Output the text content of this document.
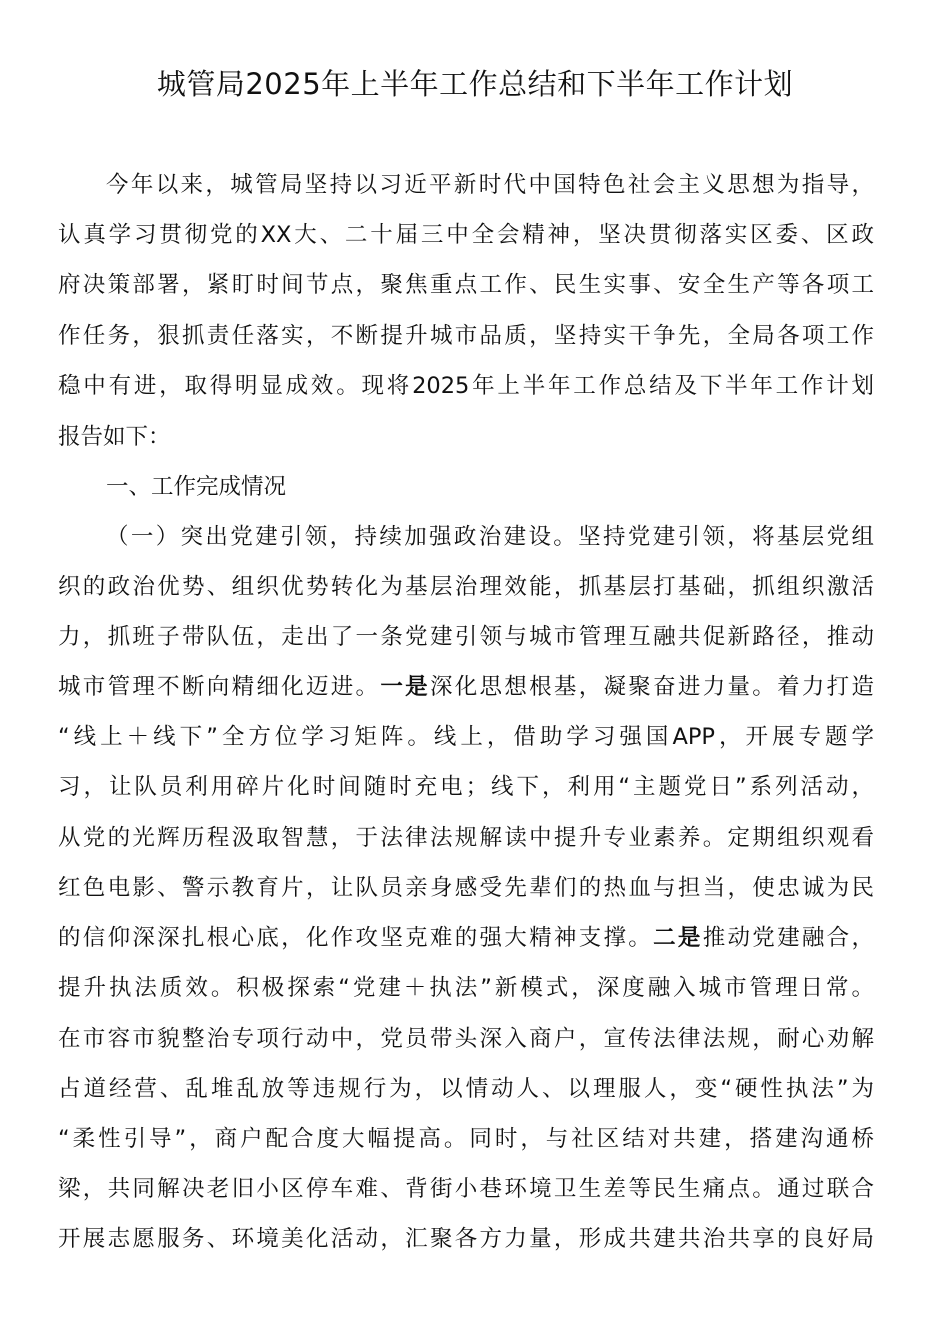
城管局2025年上半年工作总结和下半年工作计划

今年以来，城管局坚持以习近平新时代中国特色社会主义思想为指导，

认真学习贯彻党的XX大、二十届三中全会精神，坚决贯彻落实区委、区政

府决策部署，紧盯时间节点，聚焦重点工作、民生实事、安全生产等各项工

作任务，狠抓责任落实，不断提升城市品质，坚持实干争先，全局各项工作

稳中有进，取得明显成效。现将2025年上半年工作总结及下半年工作计划

报告如下：

一、工作完成情况

（一）突出党建引领，持续加强政治建设。坚持党建引领，将基层党组

织的政治优势、组织优势转化为基层治理效能，抓基层打基础，抓组织激活

力，抓班子带队伍，走出了一条党建引领与城市管理互融共促新路径，推动

城市管理不断向精细化迈进。一是深化思想根基，凝聚奋进力量。着力打造

“线上＋线下”全方位学习矩阵。线上，借助学习强国APP，开展专题学

习，让队员利用碎片化时间随时充电；线下，利用“主题党日”系列活动，

从党的光辉历程汲取智慧，于法律法规解读中提升专业素养。定期组织观看

红色电影、警示教育片，让队员亲身感受先辈们的热血与担当，使忠诚为民

的信仰深深扎根心底，化作攻坚克难的强大精神支撑。二是推动党建融合，

提升执法质效。积极探索“党建＋执法”新模式，深度融入城市管理日常。

在市容市貌整治专项行动中，党员带头深入商户，宣传法律法规，耐心劝解

占道经营、乱堆乱放等违规行为，以情动人、以理服人，变“硬性执法”为

“柔性引导”，商户配合度大幅提高。同时，与社区结对共建，搭建沟通桥

梁，共同解决老旧小区停车难、背街小巷环境卫生差等民生痛点。通过联合

开展志愿服务、环境美化活动，汇聚各方力量，形成共建共治共享的良好局
